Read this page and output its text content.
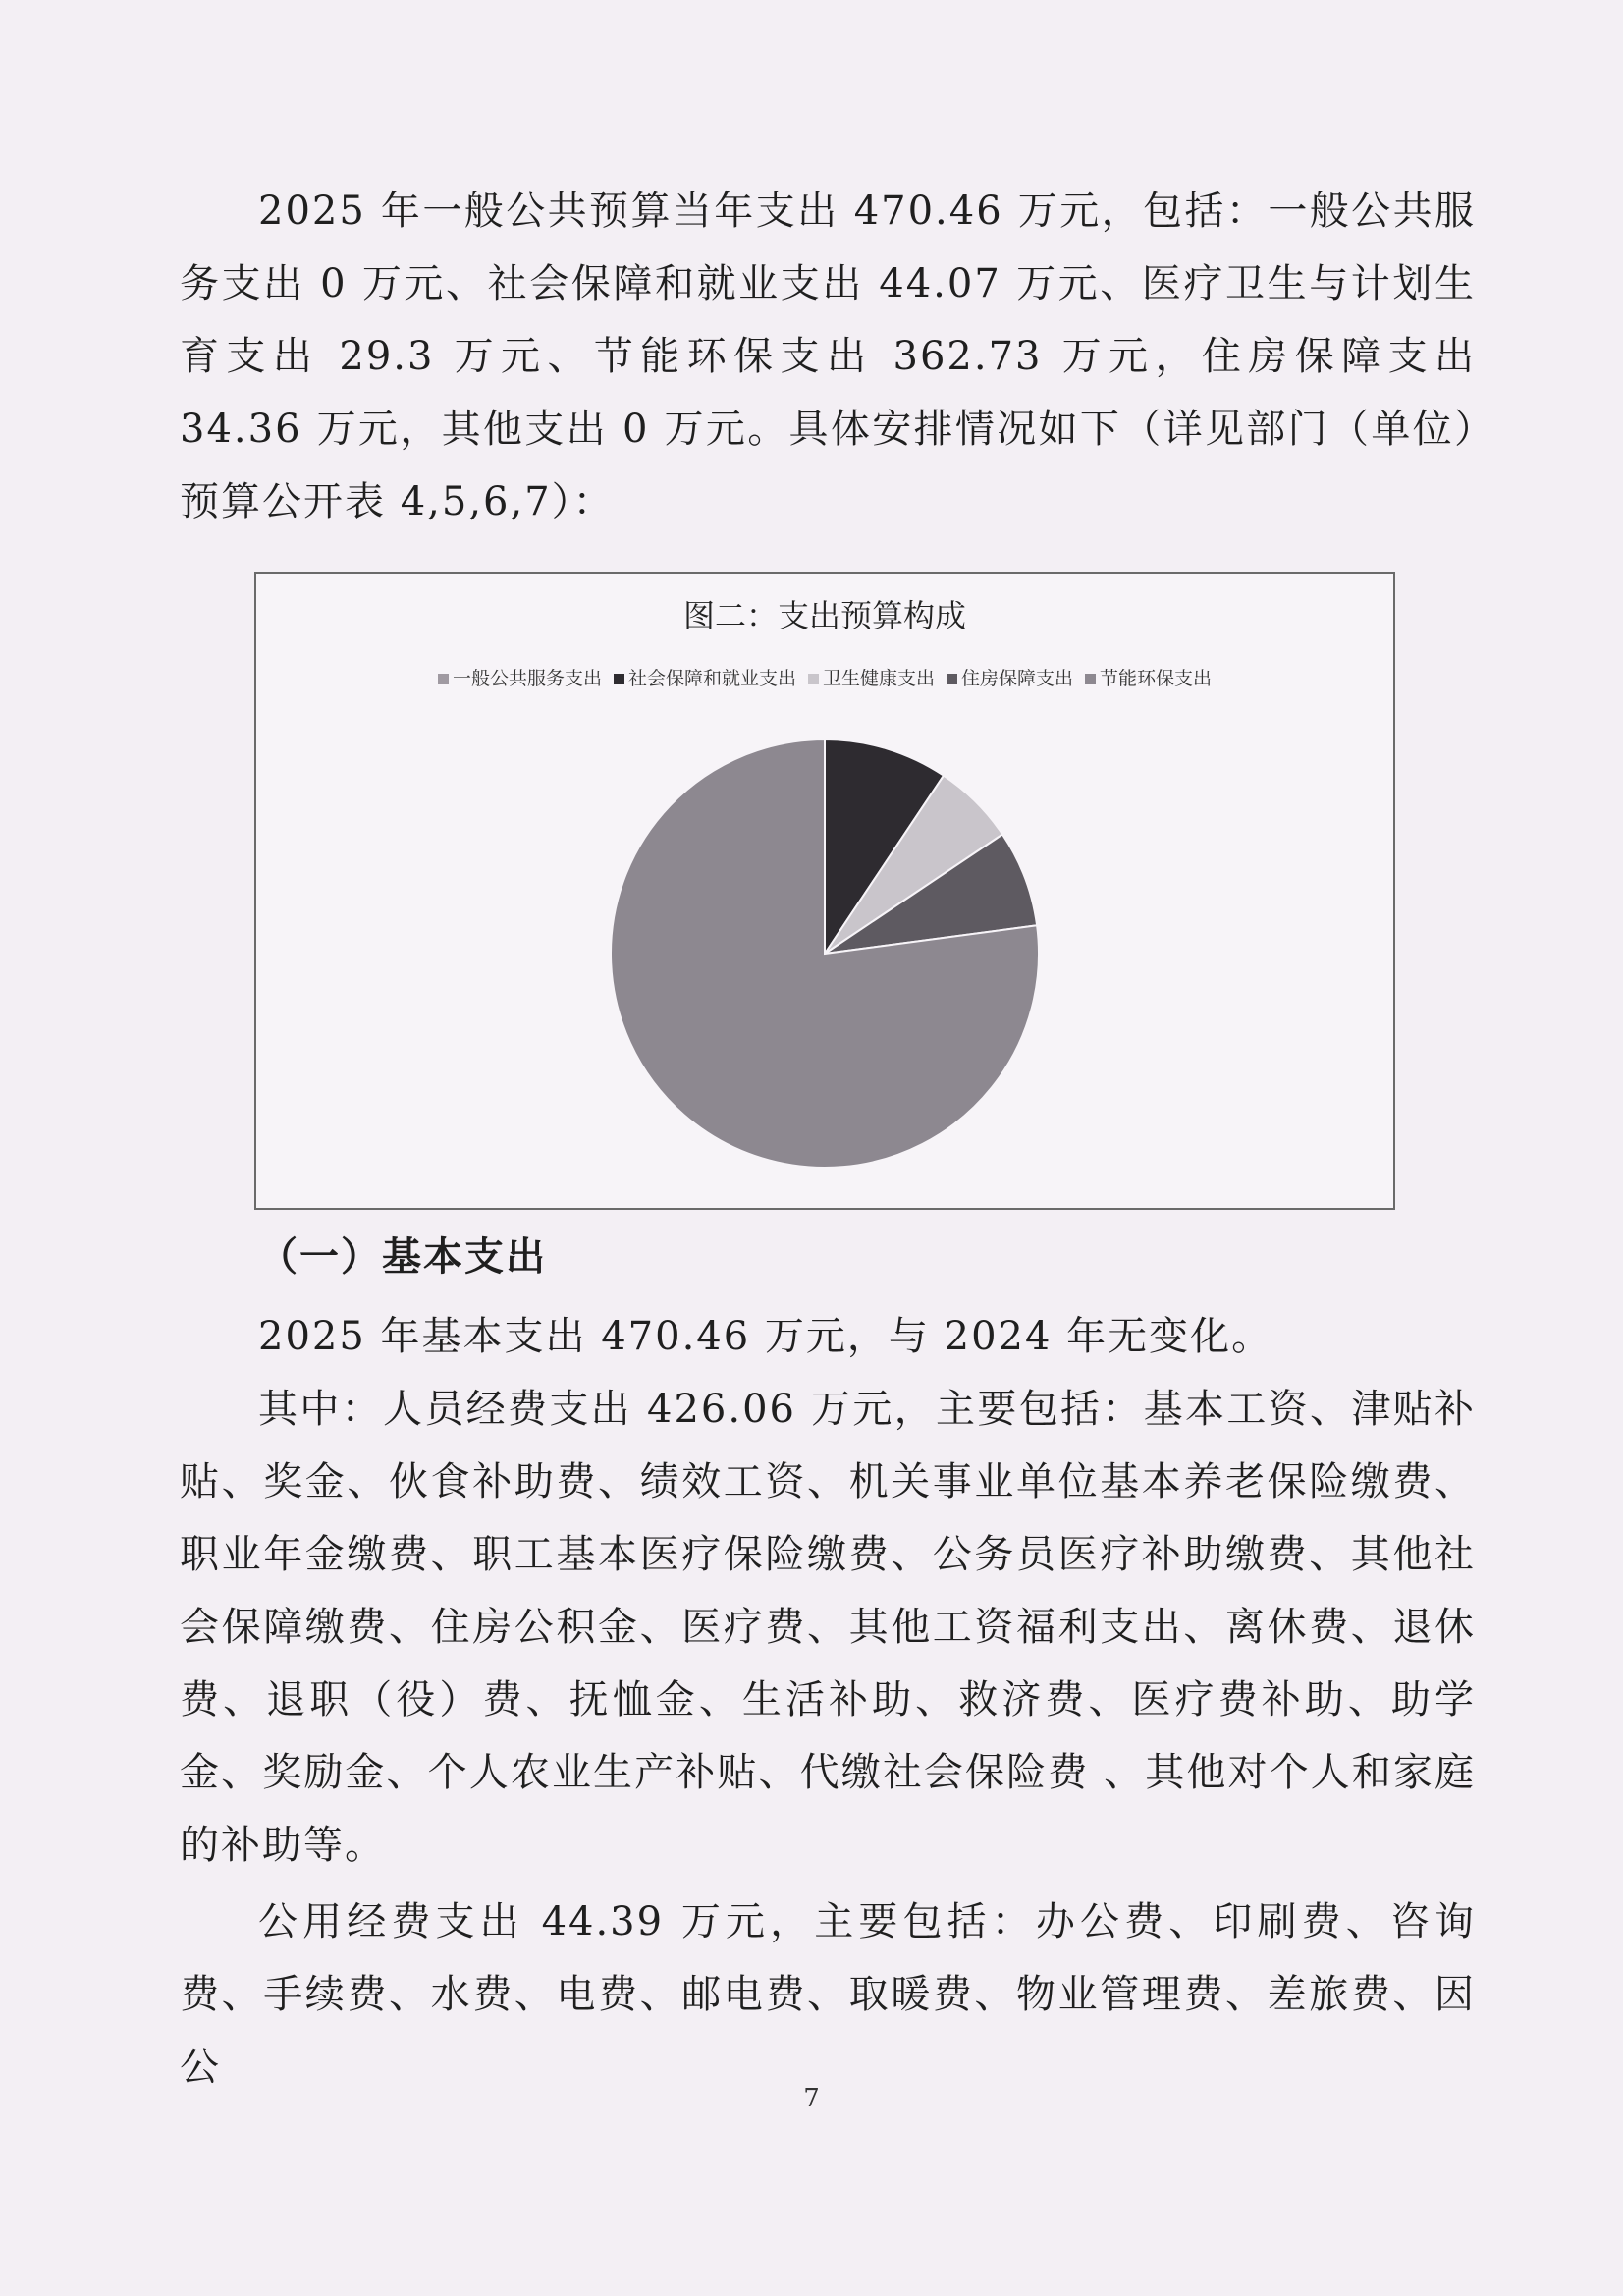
2025 年一般公共预算当年支出 470.46 万元，包括：一般公共服务支出 0 万元、社会保障和就业支出 44.07 万元、医疗卫生与计划生育支出 29.3 万元、节能环保支出 362.73 万元，住房保障支出 34.36 万元，其他支出 0 万元。具体安排情况如下（详见部门（单位）预算公开表 4,5,6,7）：

图二：支出预算构成
一般公共服务支出 社会保障和就业支出 卫生健康支出 住房保障支出 节能环保支出
（一）基本支出

2025 年基本支出 470.46 万元，与 2024 年无变化。

其中：人员经费支出 426.06 万元，主要包括：基本工资、津贴补贴、奖金、伙食补助费、绩效工资、机关事业单位基本养老保险缴费、职业年金缴费、职工基本医疗保险缴费、公务员医疗补助缴费、其他社会保障缴费、住房公积金、医疗费、其他工资福利支出、离休费、退休费、退职（役）费、抚恤金、生活补助、救济费、医疗费补助、助学金、奖励金、个人农业生产补贴、代缴社会保险费 、其他对个人和家庭的补助等。

公用经费支出 44.39 万元，主要包括：办公费、印刷费、咨询费、手续费、水费、电费、邮电费、取暖费、物业管理费、差旅费、因公

7
